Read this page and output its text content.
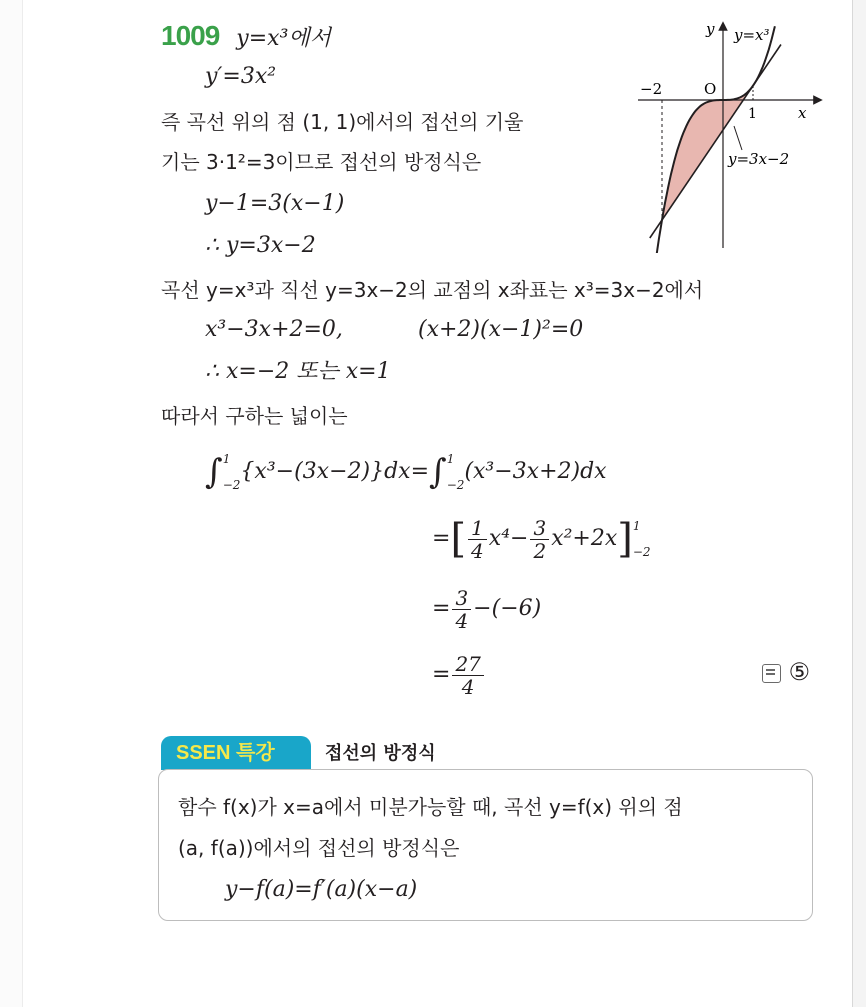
1009 y=x³에서
y′=3x²
즉 곡선 위의 점 (1, 1)에서의 접선의 기울
기는 3·1²=3이므로 접선의 방정식은
y−1=3(x−1)
∴ y=3x−2
곡선 y=x³과 직선 y=3x−2의 교점의 x좌표는 x³=3x−2에서
x³−3x+2=0,	(x+2)(x−1)²=0
∴ x=−2 또는 x=1
따라서 구하는 넓이는
∫ 1
−2
{x³−(3x−2)}dx=∫ 1
−2
(x³−3x+2)dx
=[ $\frac{1}{4} x^4- \frac{3}{2} x^2+2x$] 1
−2
= $\frac{3}{4} -(-6)$
= $\frac{27}{4}$	⑤
y y=x³
−2	O
1	x
y=3x−2
SSEN 특강	접선의 방정식
함수 f(x)가 x=a에서 미분가능할 때, 곡선 y=f(x) 위의 점
(a, f(a))에서의 접선의 방정식은
y−f(a)=f′(a)(x−a)
